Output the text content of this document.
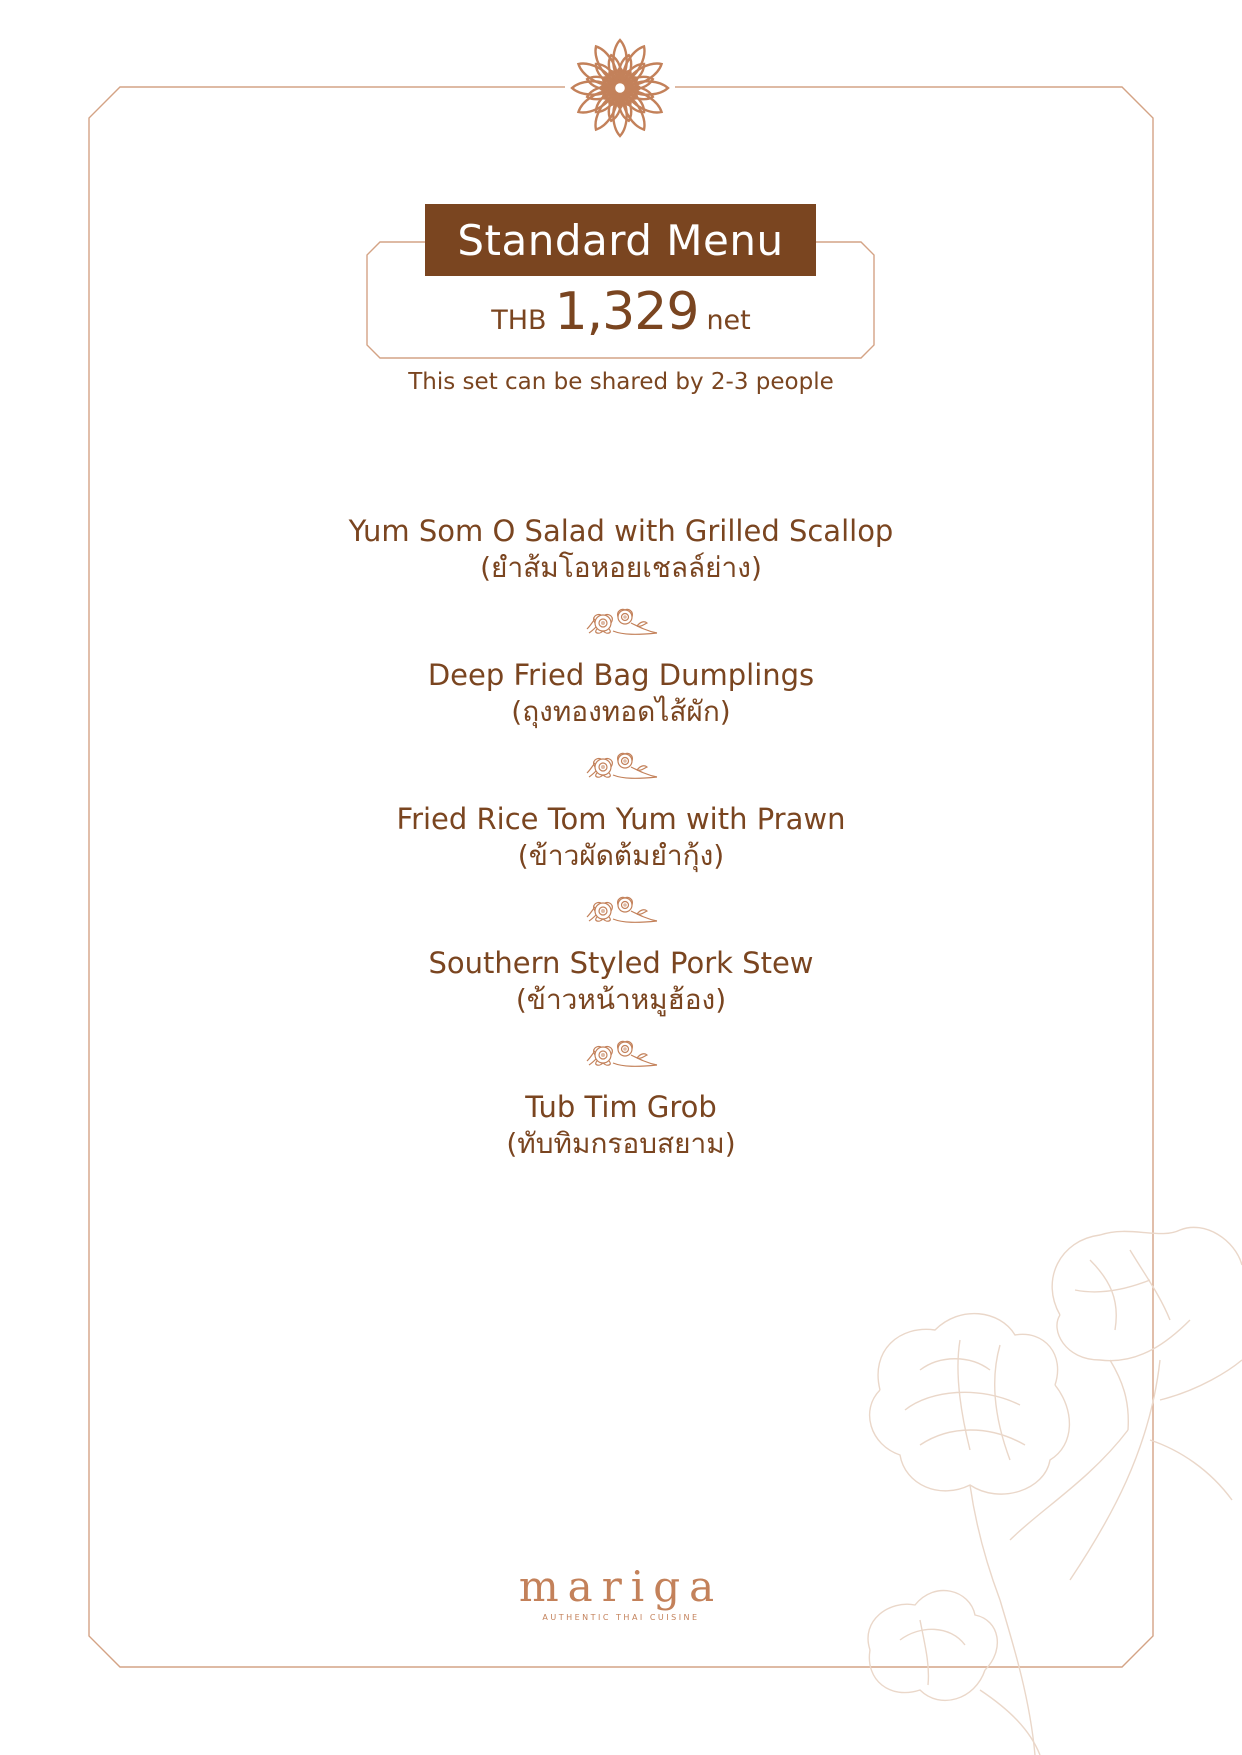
Standard Menu
THB 1,329 net
This set can be shared by 2-3 people
Yum Som O Salad with Grilled Scallop
(ยำส้มโอหอยเชลล์ย่าง)
Deep Fried Bag Dumplings
(ถุงทองทอดไส้ผัก)
Fried Rice Tom Yum with Prawn
(ข้าวผัดต้มยำกุ้ง)
Southern Styled Pork Stew
(ข้าวหน้าหมูฮ้อง)
Tub Tim Grob
(ทับทิมกรอบสยาม)
mariga
AUTHENTIC THAI CUISINE
